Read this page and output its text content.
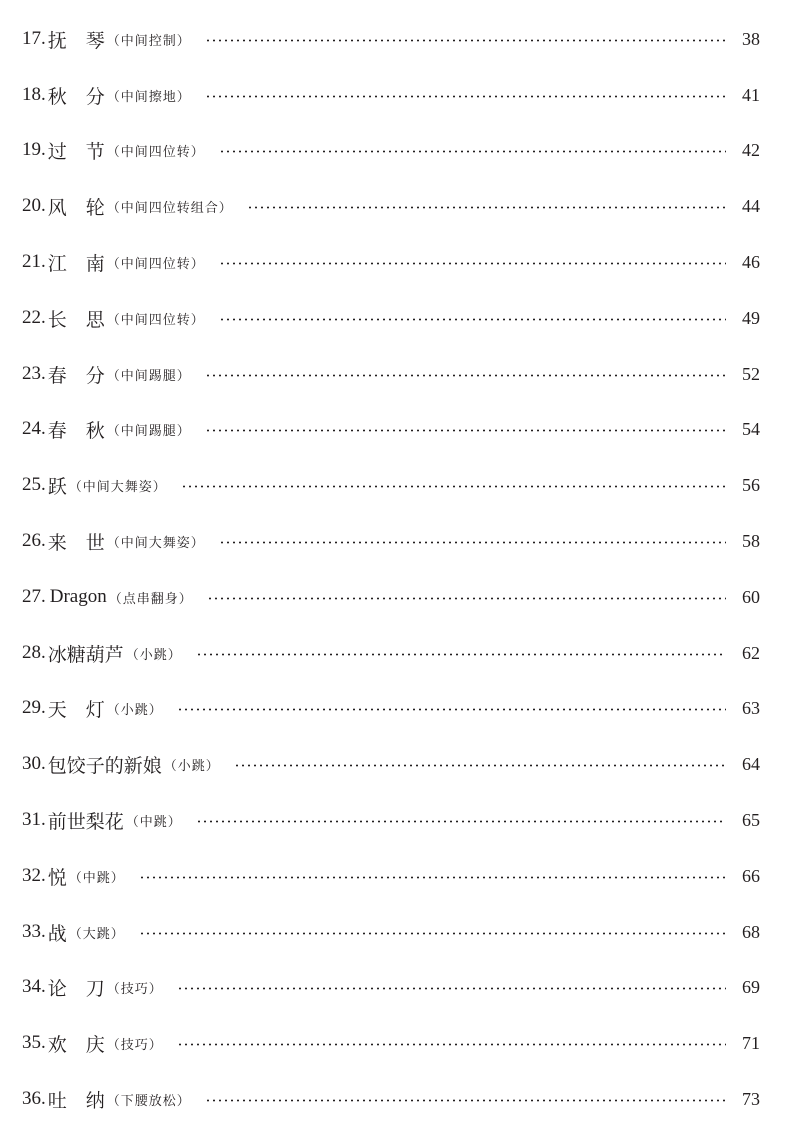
17. 抚　琴 （中间控制）	38
18. 秋　分 （中间擦地）	41
19. 过　节 （中间四位转）	42
20. 风　轮 （中间四位转组合）	44
21. 江　南 （中间四位转）	46
22. 长　思 （中间四位转）	49
23. 春　分 （中间踢腿）	52
24. 春　秋 （中间踢腿）	54
25. 跃 （中间大舞姿）	56
26. 来　世 （中间大舞姿）	58
27. Dragon （点串翻身）	60
28. 冰糖葫芦 （小跳）	62
29. 天　灯 （小跳）	63
30. 包饺子的新娘 （小跳）	64
31. 前世梨花 （中跳）	65
32. 悦 （中跳）	66
33. 战 （大跳）	68
34. 论　刀 （技巧）	69
35. 欢　庆 （技巧）	71
36. 吐　纳 （下腰放松）	73
